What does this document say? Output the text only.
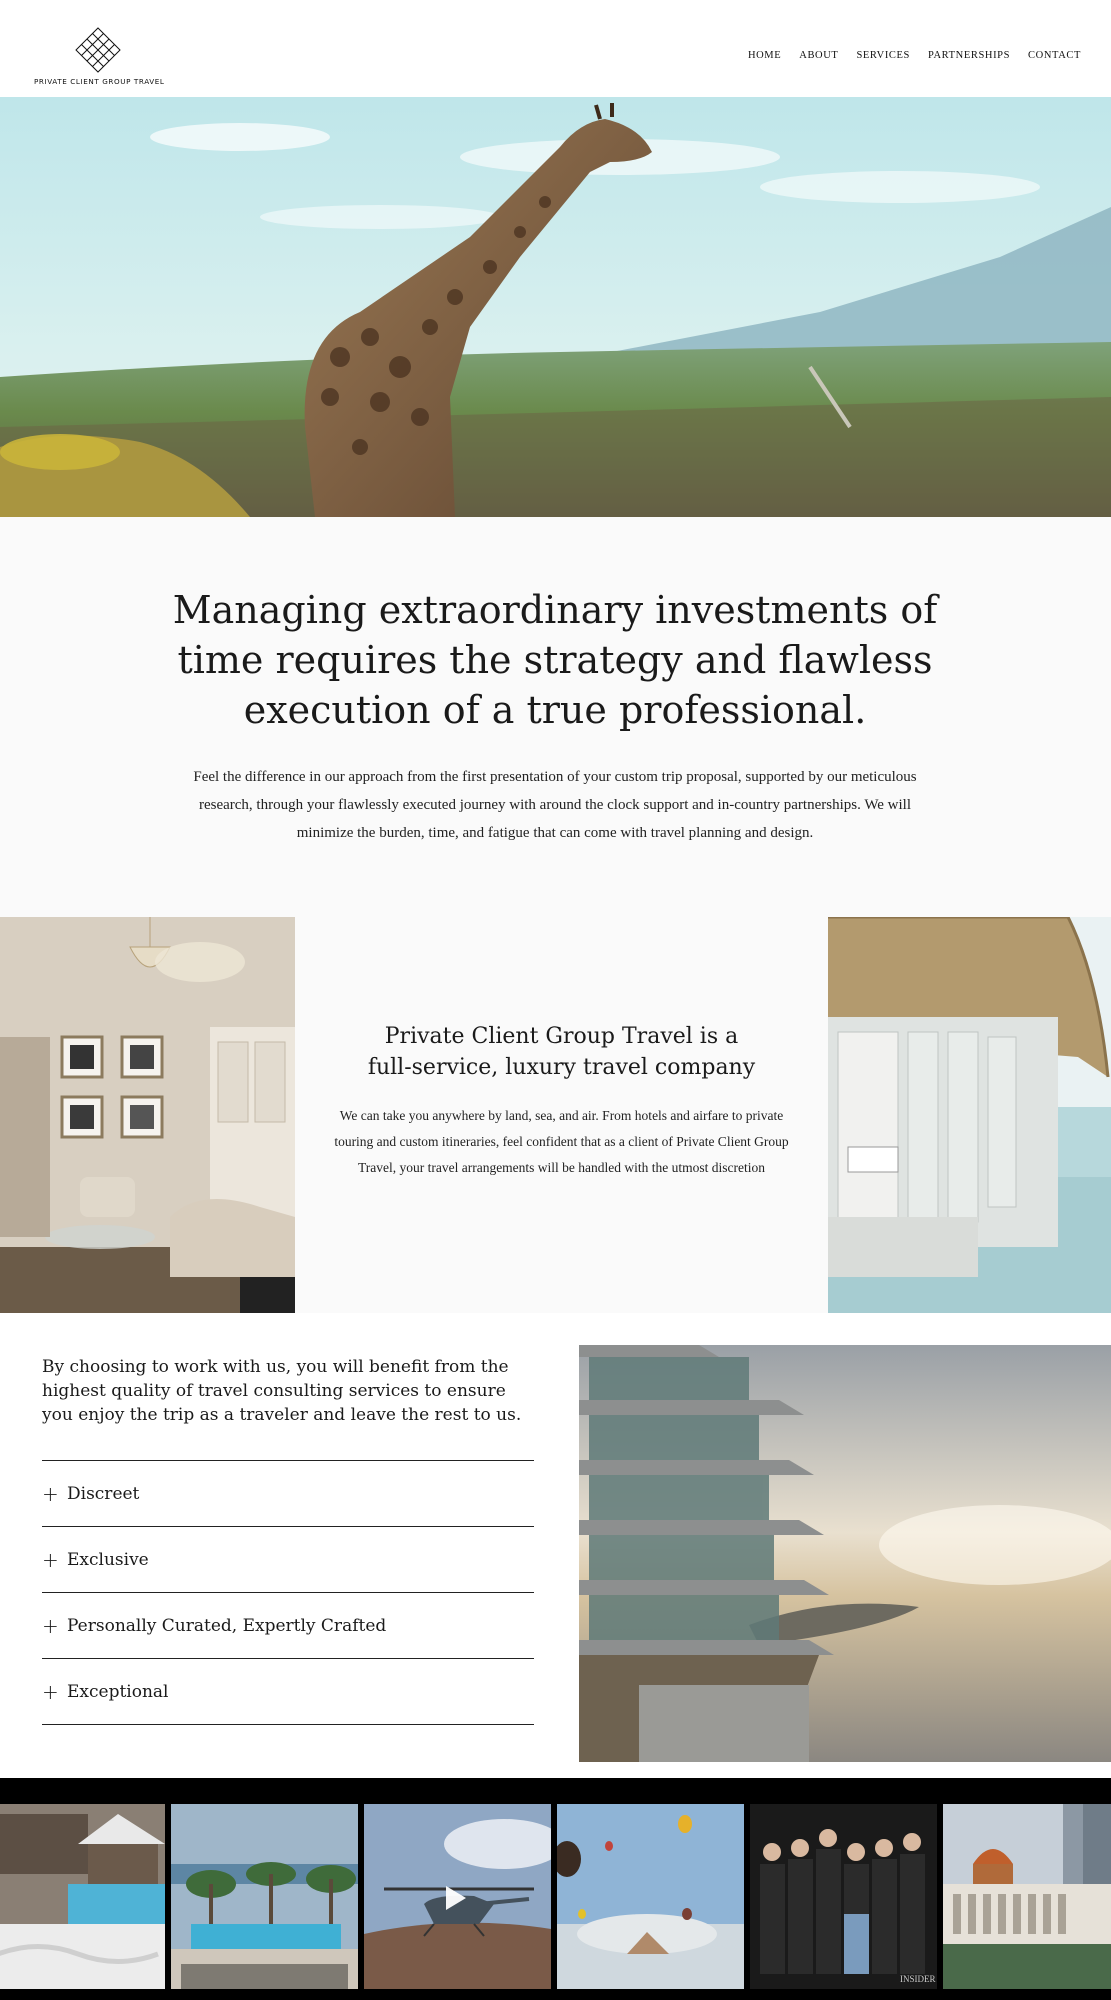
PRIVATE CLIENT GROUP TRAVEL
HOME ABOUT SERVICES PARTNERSHIPS CONTACT
Managing extraordinary investments of time requires the strategy and flawless execution of a true professional.

Feel the difference in our approach from the first presentation of your custom trip proposal, supported by our meticulous research, through your flawlessly executed journey with around the clock support and in-country partnerships. We will minimize the burden, time, and fatigue that can come with travel planning and design.

Private Client Group Travel is a
full-service, luxury travel company

We can take you anywhere by land, sea, and air. From hotels and airfare to private touring and custom itineraries, feel confident that as a client of Private Client Group Travel, your travel arrangements will be handled with the utmost discretion

By choosing to work with us, you will benefit from the highest quality of travel consulting services to ensure you enjoy the trip as a traveler and leave the rest to us.

+ Discreet
+ Exclusive
+ Personally Curated, Expertly Crafted
+ Exceptional
INSIDER
